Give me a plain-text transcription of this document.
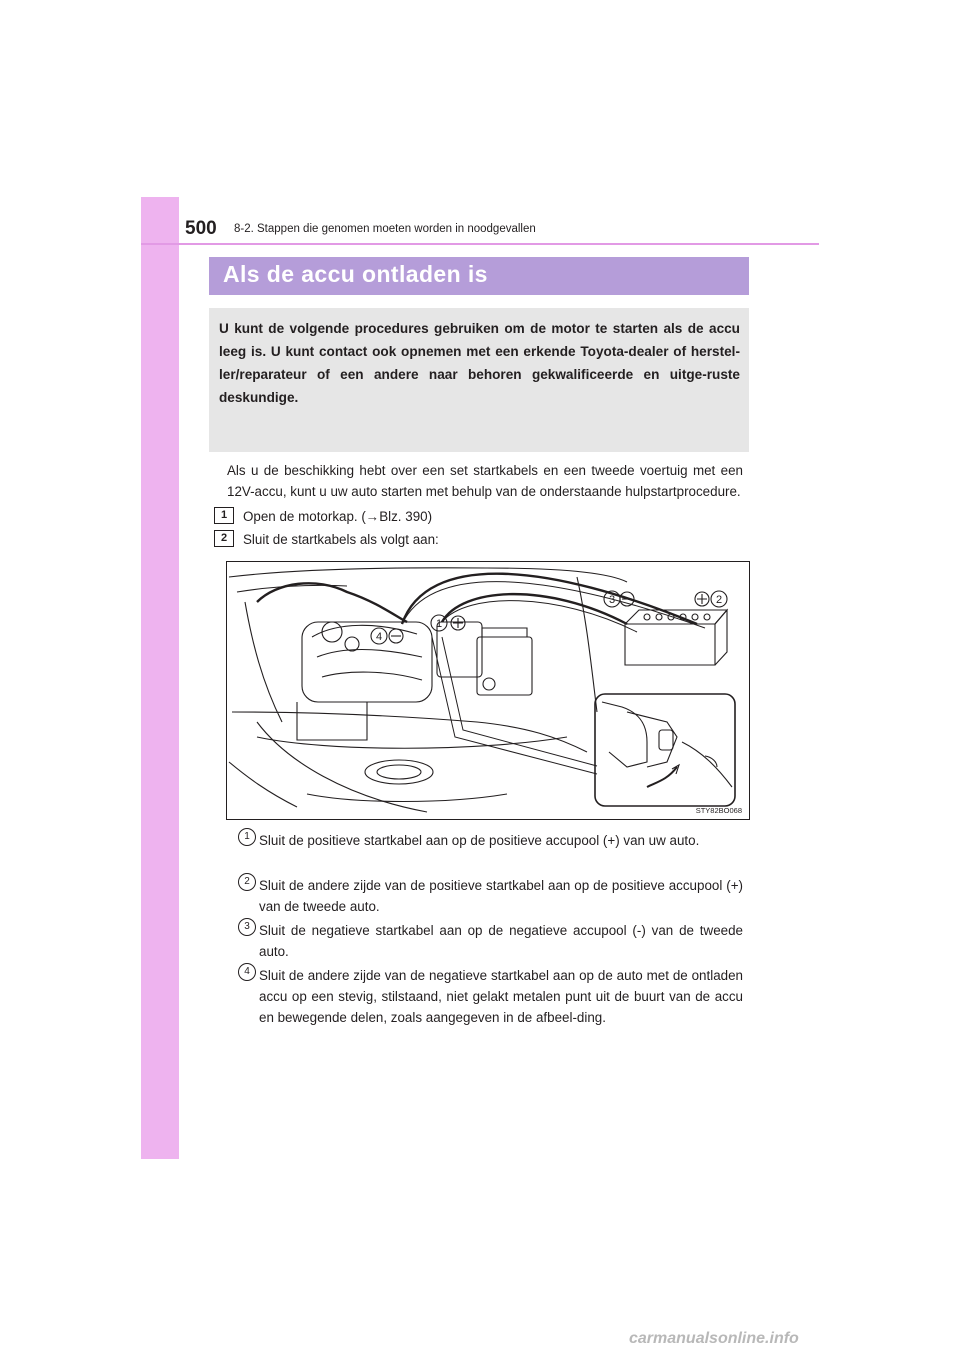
500 8-2. Stappen die genomen moeten worden in noodgevallen
Als de accu ontladen is

U kunt de volgende procedures gebruiken om de motor te starten als de accu leeg is. U kunt contact ook opnemen met een erkende Toyota-dealer of herstel-ler/reparateur of een andere naar behoren gekwalificeerde en uitge-ruste deskundige.

Als u de beschikking hebt over een set startkabels en een tweede voertuig met een 12V-accu, kunt u uw auto starten met behulp van de onderstaande hulpstartprocedure.

1	Open de motorkap. (→Blz. 390)
2	Sluit de startkabels als volgt aan:
3	2
4
1
STY82BO068
1 Sluit de positieve startkabel aan op de positieve accupool (+) van uw auto.

2 Sluit de andere zijde van de positieve startkabel aan op de positieve accupool (+) van de tweede auto.

3 Sluit de negatieve startkabel aan op de negatieve accupool (-) van de tweede auto.

4 Sluit de andere zijde van de negatieve startkabel aan op de auto met de ontladen accu op een stevig, stilstaand, niet gelakt metalen punt uit de buurt van de accu en bewegende delen, zoals aangegeven in de afbeel-ding.

carmanualsonline.info
